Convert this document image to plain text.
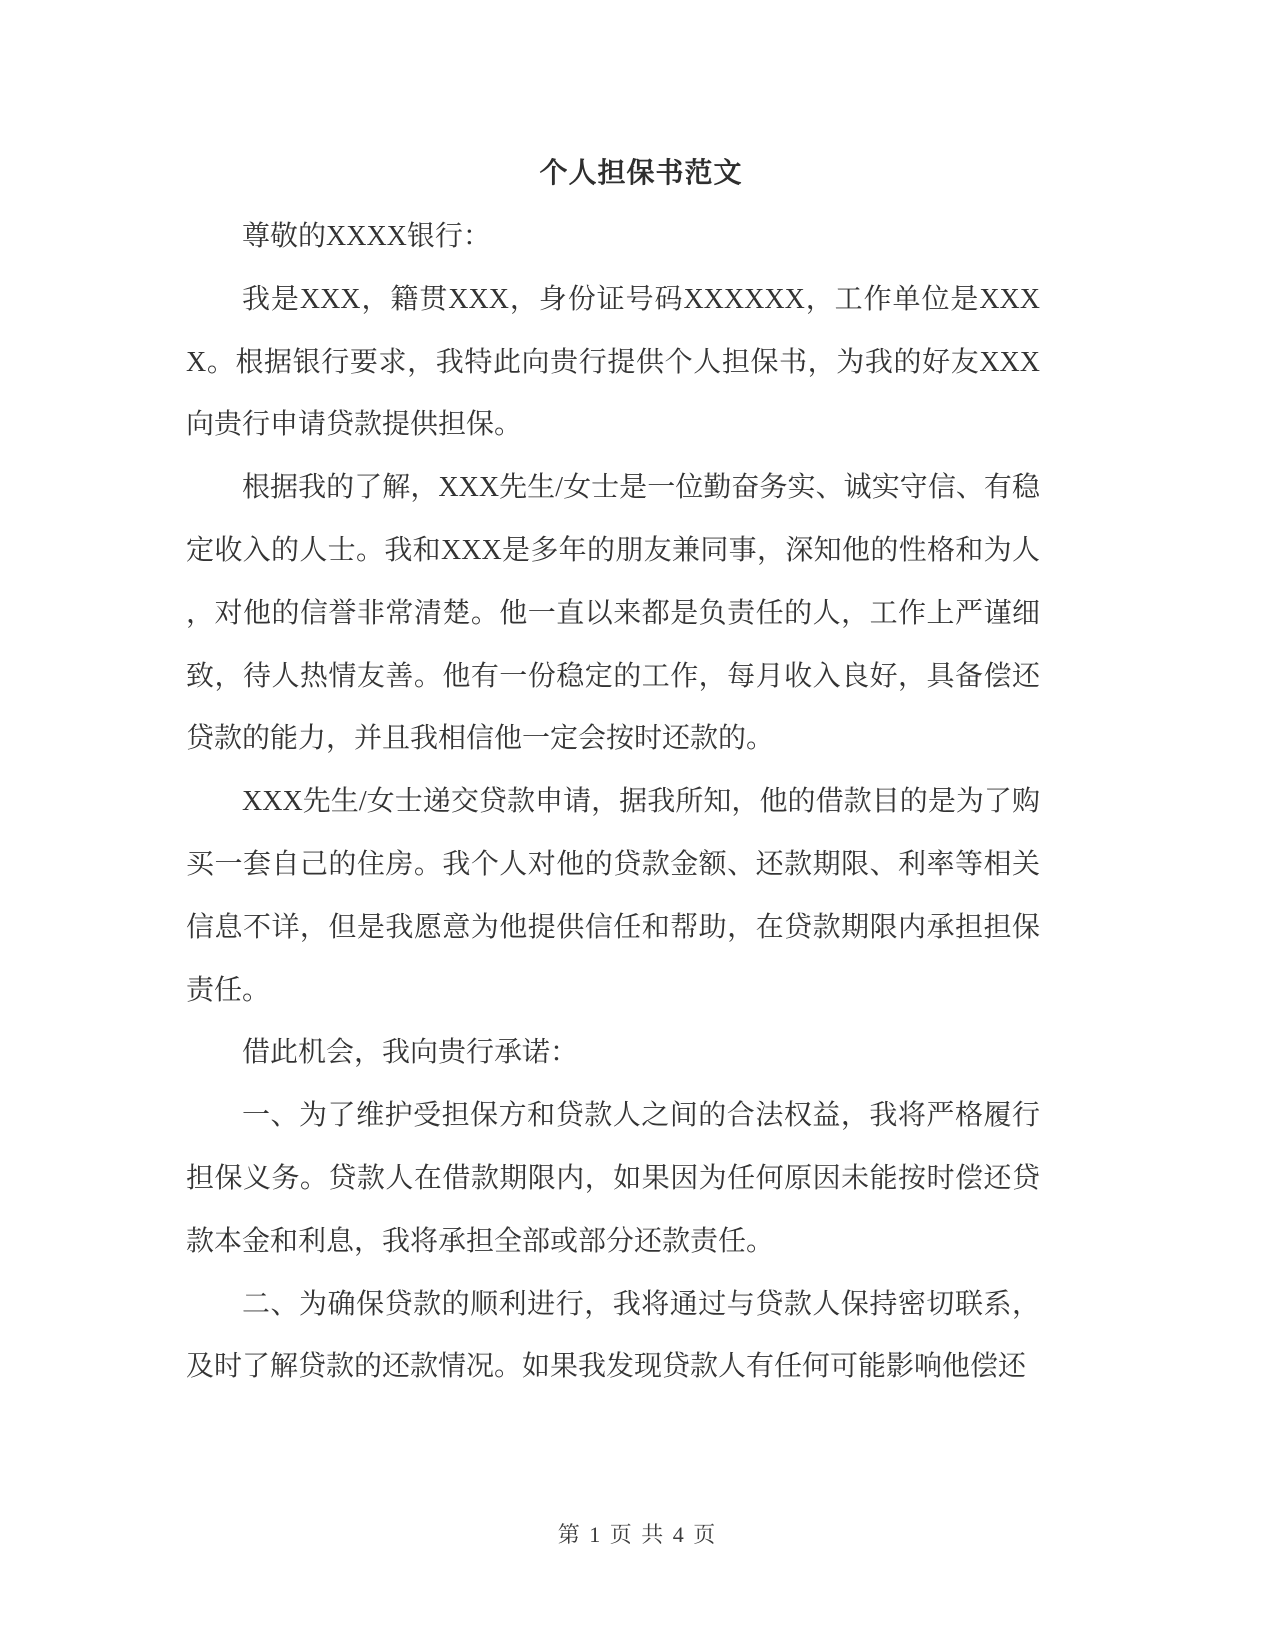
个人担保书范文

尊敬的XXXX银行：

我是XXX，籍贯XXX，身份证号码XXXXXX，工作单位是XXXX。根据银行要求，我特此向贵行提供个人担保书，为我的好友XXX向贵行申请贷款提供担保。

根据我的了解，XXX先生/女士是一位勤奋务实、诚实守信、有稳定收入的人士。我和XXX是多年的朋友兼同事，深知他的性格和为人，对他的信誉非常清楚。他一直以来都是负责任的人，工作上严谨细致，待人热情友善。他有一份稳定的工作，每月收入良好，具备偿还贷款的能力，并且我相信他一定会按时还款的。

XXX先生/女士递交贷款申请，据我所知，他的借款目的是为了购买一套自己的住房。我个人对他的贷款金额、还款期限、利率等相关信息不详，但是我愿意为他提供信任和帮助，在贷款期限内承担担保责任。

借此机会，我向贵行承诺：

一、为了维护受担保方和贷款人之间的合法权益，我将严格履行担保义务。贷款人在借款期限内，如果因为任何原因未能按时偿还贷款本金和利息，我将承担全部或部分还款责任。

二、为确保贷款的顺利进行，我将通过与贷款人保持密切联系，及时了解贷款的还款情况。如果我发现贷款人有任何可能影响他偿还

第 1 页 共 4 页
